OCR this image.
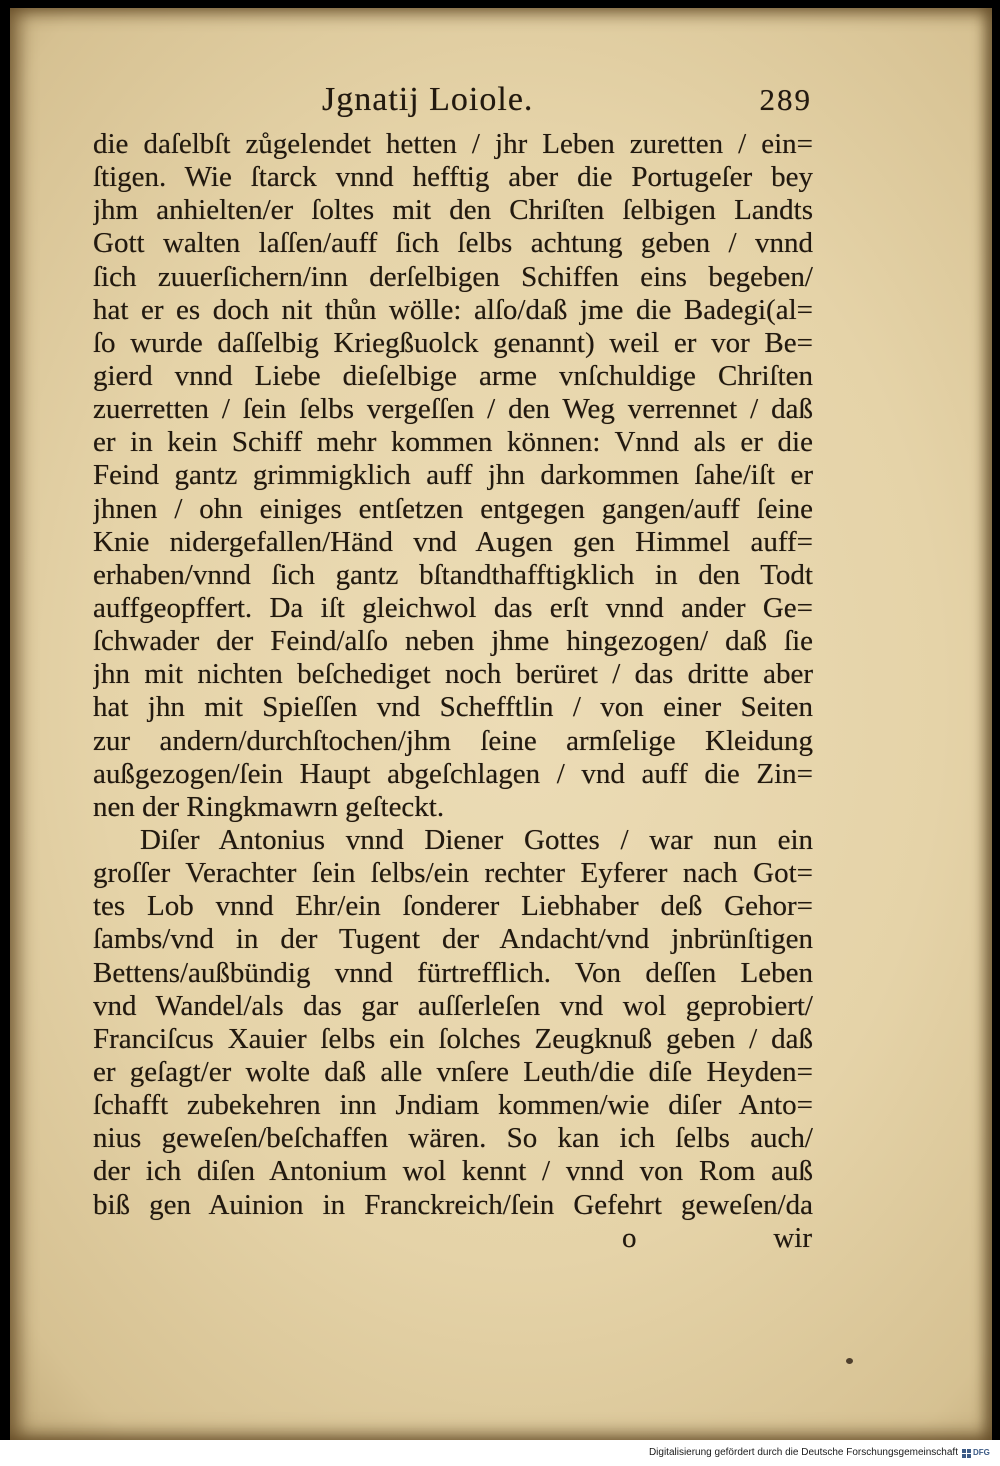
Jgnatij Loiole.	289
die daſelbſt zůgelendet hetten / jhr Leben zuretten / ein=
ſtigen. Wie ſtarck vnnd hefftig aber die Portugeſer bey
jhm anhielten/er ſoltes mit den Chriſten ſelbigen Landts
Gott walten laſſen/auff ſich ſelbs achtung geben / vnnd
ſich zuuerſichern/inn derſelbigen Schiffen eins begeben/
hat er es doch nit thůn wölle: alſo/daß jme die Badegi(al=
ſo wurde daſſelbig Kriegßuolck genannt) weil er vor Be=
gierd vnnd Liebe dieſelbige arme vnſchuldige Chriſten
zuerretten / ſein ſelbs vergeſſen / den Weg verrennet / daß
er in kein Schiff mehr kommen können: Vnnd als er die
Feind gantz grimmigklich auff jhn darkommen ſahe/iſt er
jhnen / ohn einiges entſetzen entgegen gangen/auff ſeine
Knie nidergefallen/Händ vnd Augen gen Himmel auff=
erhaben/vnnd ſich gantz bſtandthafftigklich in den Todt
auffgeopffert. Da iſt gleichwol das erſt vnnd ander Ge=
ſchwader der Feind/alſo neben jhme hingezogen/ daß ſie
jhn mit nichten beſchediget noch berüret / das dritte aber
hat jhn mit Spieſſen vnd Schefftlin / von einer Seiten
zur andern/durchſtochen/jhm ſeine armſelige Kleidung
außgezogen/ſein Haupt abgeſchlagen / vnd auff die Zin=
nen der Ringkmawrn geſteckt.
Diſer Antonius vnnd Diener Gottes / war nun ein
groſſer Verachter ſein ſelbs/ein rechter Eyferer nach Got=
tes Lob vnnd Ehr/ein ſonderer Liebhaber deß Gehor=
ſambs/vnd in der Tugent der Andacht/vnd jnbrünſtigen
Bettens/außbündig vnnd fürtrefflich. Von deſſen Leben
vnd Wandel/als das gar auſſerleſen vnd wol geprobiert/
Franciſcus Xauier ſelbs ein ſolches Zeugknuß geben / daß
er geſagt/er wolte daß alle vnſere Leuth/die diſe Heyden=
ſchafft zubekehren inn Jndiam kommen/wie diſer Anto=
nius geweſen/beſchaffen wären. So kan ich ſelbs auch/
der ich diſen Antonium wol kennt / vnnd von Rom auß
biß gen Auinion in Franckreich/ſein Gefehrt geweſen/da
o	wir
Digitalisierung gefördert durch die Deutsche Forschungsgemeinschaft DFG
